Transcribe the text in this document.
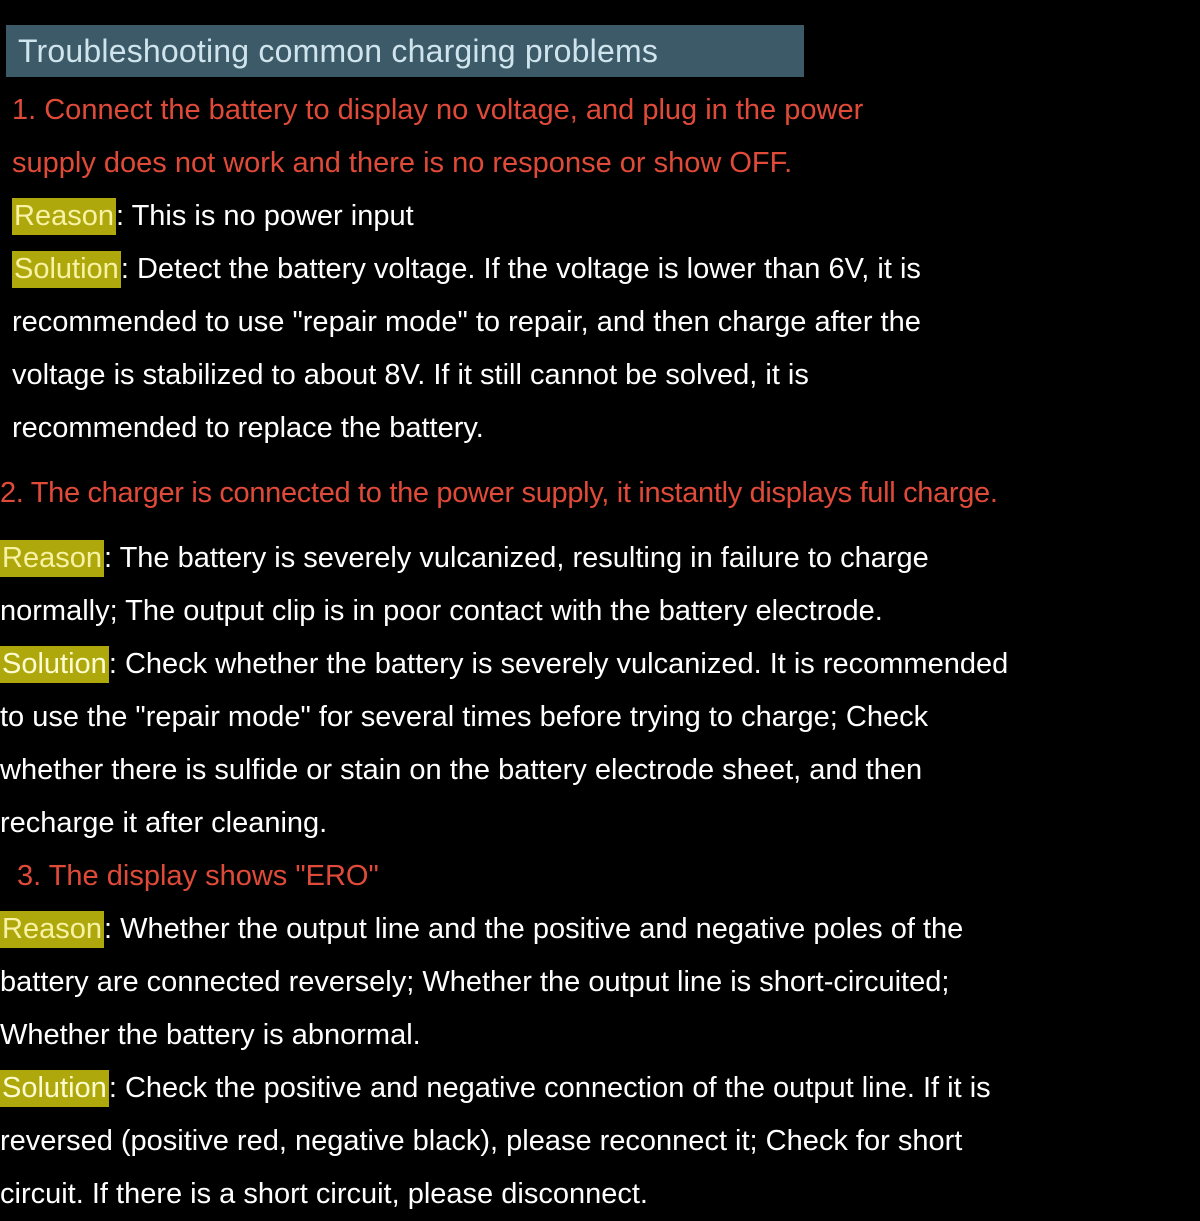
Troubleshooting common charging problems
1. Connect the battery to display no voltage, and plug in the power
supply does not work and there is no response or show OFF.
Reason: This is no power input
Solution: Detect the battery voltage. If the voltage is lower than 6V, it is
recommended to use "repair mode" to repair, and then charge after the
voltage is stabilized to about 8V. If it still cannot be solved, it is
recommended to replace the battery.
2. The charger is connected to the power supply, it instantly displays full charge.
Reason: The battery is severely vulcanized, resulting in failure to charge
normally; The output clip is in poor contact with the battery electrode.
Solution: Check whether the battery is severely vulcanized. It is recommended
to use the "repair mode" for several times before trying to charge; Check
whether there is sulfide or stain on the battery electrode sheet, and then
recharge it after cleaning.
3. The display shows "ERO"
Reason: Whether the output line and the positive and negative poles of the
battery are connected reversely; Whether the output line is short-circuited;
Whether the battery is abnormal.
Solution: Check the positive and negative connection of the output line. If it is
reversed (positive red, negative black), please reconnect it; Check for short
circuit. If there is a short circuit, please disconnect.
